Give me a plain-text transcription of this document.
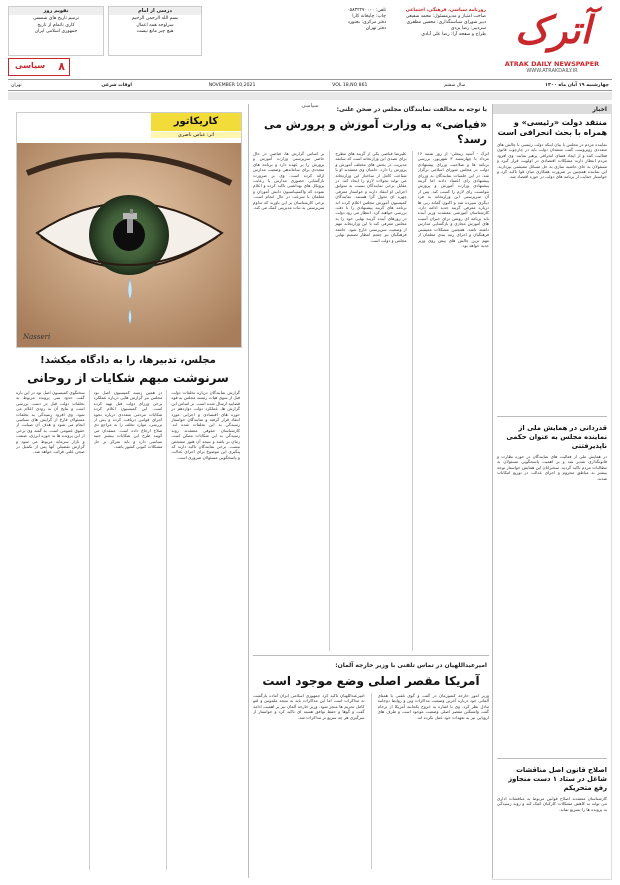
آترک
ATRAK DAILY NEWSPAPER
WWW.ATRAKDAILY.IR
روزنامه سیاسی، فرهنگی، اجتماعی
صاحب امتیاز و مدیرمسئول: محمد شفیعی
دبیر شورای سیاستگذاری: محسن مظفری
سردبیر: رضا یزدی
طراح و صفحه آرا: رضا علی آبادی
تلفن: ۰۵۸۳۲۲۷۰۰۰۰
چاپ: چاپخانه کارا
دفتر مرکزی: بجنورد
دفتر تهران
درسی از امام
بسم الله الرحمن الرحیم
سرلوحه همه اعمال
هیچ چیز مانع نیست
تقویم روز
ترمیم تاریخ های شمسی
کاری ناتمام از تاریخ
جمهوری اسلامی ایران
۸
سیاسی
چهارشنبه ۱۹ آبان ماه ۱۴۰۰
سال ششم
VOL 18,NO 861
NOVEMBER 10,2021
اوقات شرعی
تهران
سیاسی	اخبار
منتقد دولت «رئیسی» و همراه با بحث انحرافی است
نماینده مردم در مجلس با بیان اینکه دولت رئیسی با چالش های متعددی روبروست گفت منتقدان دولت باید در چارچوب قانون فعالیت کنند و از ایجاد فضای انحرافی پرهیز نمایند. وی افزود مردم انتظار دارند مشکلات اقتصادی در اولویت قرار گیرد و مسئولان به جای حاشیه سازی به حل مسائل معیشتی بپردازند. این نماینده همچنین بر ضرورت همکاری میان قوا تاکید کرد و خواستار حمایت از برنامه های دولت در حوزه اقتصاد شد.
قدردانی در همایش ملی از نماینده مجلس به عنوان حکمی ناپذیرفتنی
در همایش ملی از فعالیت های نمایندگان در حوزه نظارت و قانونگذاری تقدیر شد و بر اهمیت پاسخگویی مسئولان به مطالبات مردم تاکید گردید. سخنرانان این همایش خواستار توجه بیشتر به مناطق محروم و اجرای عدالت در توزیع امکانات شدند.
اصلاح قانون اصل مناقشات شاغل در ستاد ۱ دست منجاوز رفع متحریکم
کارشناسان معتقدند اصلاح قوانین مربوط به مناقشات اداری می تواند به کاهش مشکلات کارکنان کمک کند و روند رسیدگی به پرونده ها را تسریع نماید.
با توجه به مخالفت نمایندگان مجلس در صحن علنی:
«فیاضی» به وزارت آموزش و پرورش می رسد؟
اترک - آسیه زینعلی- از روز شنبه ۱۶ مرداد تا چهارشنبه ۳ شهریور، بررسی برنامه ها و صلاحیت وزرای پیشنهادی دولت در مجلس شورای اسلامی برگزار شد. در این جلسات نمایندگان به وزرای پیشنهادی رای اعتماد دادند اما گزینه پیشنهادی وزارت آموزش و پرورش نتوانست رای لازم را کسب کند. پس از آن سرپرستی این وزارتخانه به فرد دیگری سپرده شد و اکنون گمانه زنی ها درباره معرفی گزینه جدید ادامه دارد. کارشناسان آموزشی معتقدند وزیر آینده باید برنامه ای روشن برای جبران آسیب های آموزش مجازی و بازگشایی مدارس داشته باشد. همچنین مشکلات معیشتی فرهنگیان و اجرای رتبه بندی معلمان از مهم ترین چالش های پیش روی وزیر جدید خواهد بود.
علیرضا فیاضی یکی از گزینه های مطرح برای تصدی این وزارتخانه است که سابقه مدیریت در بخش های مختلف آموزش و پرورش را دارد. حامیان وی معتقدند او با شناخت کامل از ساختار این وزارتخانه می تواند تحولات لازم را ایجاد کند. در مقابل برخی نمایندگان نسبت به سوابق اجرایی او انتقاد دارند و خواستار معرفی چهره ای تحول گرا هستند. نمایندگان کمیسیون آموزش مجلس اعلام کرده اند برنامه های گزینه پیشنهادی را با دقت بررسی خواهند کرد. انتظار می رود دولت در روزهای آینده گزینه نهایی خود را به مجلس معرفی کند تا این وزارتخانه مهم از وضعیت سرپرستی خارج شود. جامعه فرهنگیان نیز چشم انتظار تصمیم نهایی مجلس و دولت است.
بر اساس گزارش ها، فیاضی در حال حاضر سرپرستی وزارت آموزش و پرورش را بر عهده دارد و برنامه های متعددی برای ساماندهی وضعیت مدارس ارائه کرده است. وی بر ضرورت بازگشایی حضوری مدارس با رعایت پروتکل های بهداشتی تاکید کرده و اعلام نموده که واکسیناسیون دانش آموزان و معلمان با سرعت در حال انجام است. برخی کارشناسان بر این باورند که تداوم سرپرستی به ثبات مدیریتی کمک می کند.
امیرعبداللهیان در تماس تلفنی با وزیر خارجه آلمان:
آمریکا مقصر اصلی وضع موجود است
وزیر امور خارجه کشورمان در گفت و گوی تلفنی با همتای آلمانی خود درباره آخرین وضعیت مذاکرات وین و روابط دوجانبه تبادل نظر کرد. وی با اشاره به خروج یکجانبه آمریکا از برجام گفت واشنگتن مقصر اصلی وضعیت موجود است و طرف های اروپایی نیز به تعهدات خود عمل نکرده اند.
امیرعبداللهیان تاکید کرد جمهوری اسلامی ایران آماده بازگشت به مذاکرات است اما این مذاکرات باید به نتیجه ملموس و لغو کامل تحریم ها منجر شود. وزیر خارجه آلمان نیز بر اهمیت ادامه گفت و گوها و حفظ توافق هسته ای تاکید کرد و خواستار از سرگیری هر چه سریع تر مذاکرات شد.
کاریکاتور
اثر: عباس ناصری
Nasseri
مجلس، تدبیر‌ها، را به دادگاه میکشد!
سرنوشت مبهم شکایات از روحانی
گزارش نمایندگان درباره تخلفات دولت قبل از سوی هیات رئیسه مجلس به قوه قضاییه ارسال شده است. بر اساس این گزارش ها، عملکرد دولت دوازدهم در حوزه های اقتصادی و اجرایی مورد انتقاد قرار گرفته و نمایندگان خواستار رسیدگی به این تخلفات شده اند. کارشناسان حقوقی معتقدند روند رسیدگی به این شکایات ممکن است زمان بر باشد و نتیجه آن هنوز مشخص نیست. برخی نمایندگان تاکید دارند که پیگیری این موضوع برای اجرای عدالت و پاسخگویی مسئولان ضروری است.
در همین زمینه کمیسیون اصل نود مجلس نیز گزارش هایی درباره عملکرد برخی وزرای دولت قبل تهیه کرده است. این کمیسیون اعلام کرده شکایات مردمی متعددی درباره نحوه اجرای قوانین دریافت کرده و پس از بررسی، موارد تخلف را به مراجع ذی صلاح ارجاع داده است. منتقدان می گویند طرح این شکایات بیشتر جنبه سیاسی دارد و باید تمرکز بر حل مشکلات کنونی کشور باشد.
سخنگوی کمیسیون اصل نود در این باره گفت حدود سی پرونده مربوط به تخلفات دولت قبل در دست بررسی است و نتایج آن به زودی اعلام می شود. وی افزود رسیدگی به تخلفات مسئولان فارغ از گرایش های سیاسی انجام می شود و هدف آن صیانت از حقوق عمومی است. به گفته وی برخی از این پرونده ها به حوزه انرژی، صنعت و بازار سرمایه مربوط می شود و گزارش تفصیلی آنها پس از تکمیل در صحن علنی قرائت خواهد شد.
